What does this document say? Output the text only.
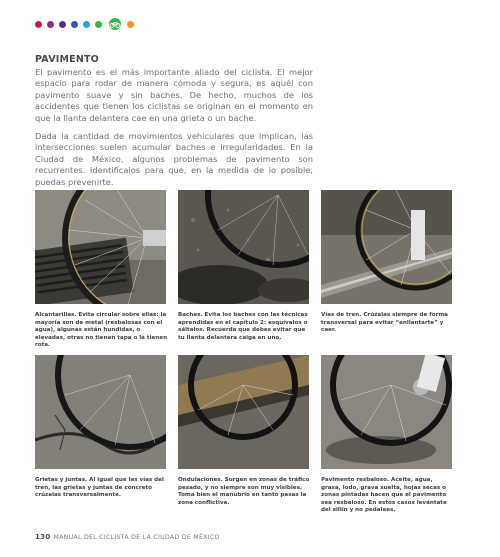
PAVIMENTO

El pavimento es el más importante aliado del ciclista. El mejor espacio para rodar de manera cómoda y segura, es aquél con pavimento suave y sin baches. De hecho, muchos de los accidentes que tienen los ciclistas se originan en el momento en que la llanta delantera cae en una grieta o un bache.

Dada la cantidad de movimientos vehiculares que implican, las intersecciones suelen acumular baches e irregularidades. En la Ciudad de México, algunos problemas de pavimento son recurrentes. Identifícalos para que, en la medida de lo posible, puedas prevenirte.

Alcantarillas. Evita circular sobre ellas: la mayoría son de metal (resbalosas con el agua), algunas están hundidas, o elevadas, otras no tienen tapa o la tienen rota.

Baches. Evita los baches con las técnicas aprendidas en el capítulo 2: esquívalos o sáltalos. Recuerda que debes evitar que tu llanta delantera caiga en uno.

Vías de tren. Crúzalas siempre de forma transversal para evitar “enllantarte” y caer.

Grietas y juntas. Al igual que las vías del tren, las grietas y juntas de concreto crúzalas transversalmente.

Ondulaciones. Surgen en zonas de tráfico pesado, y no siempre son muy visibles. Toma bien el manubrio en tanto pasas la zona conflictiva.

Pavimento resbaloso. Aceite, agua, grasa, lodo, grava suelta, hojas secas o zonas pintadas hacen que el pavimento sea resbaloso. En estos casos levántate del sillín y no pedalees.

130 MANUAL DEL CICLISTA DE LA CIUDAD DE MÉXICO
